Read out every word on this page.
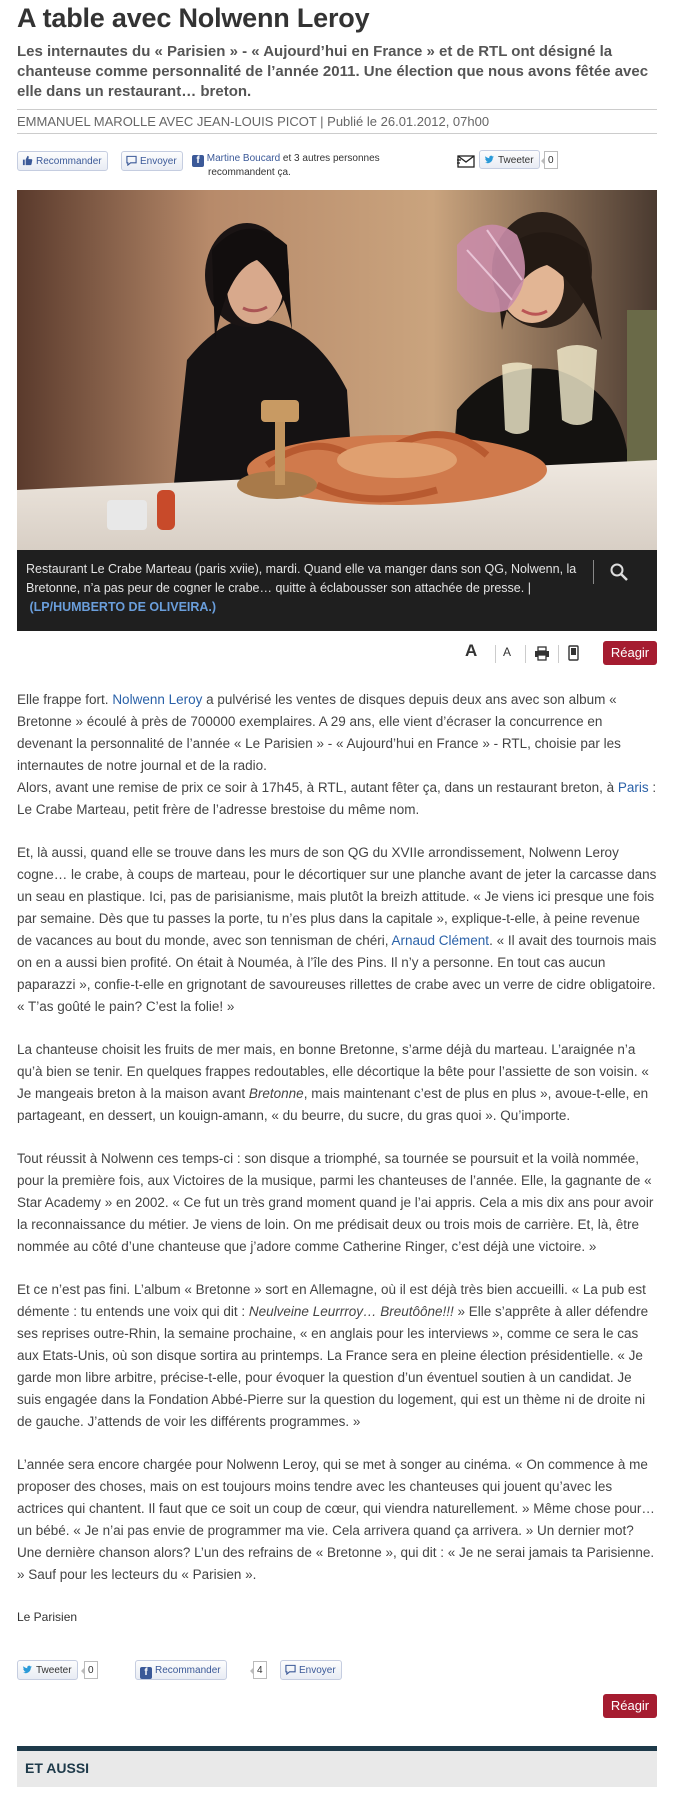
A table avec Nolwenn Leroy

Les internautes du « Parisien » - « Aujourd’hui en France » et de RTL ont désigné la chanteuse comme personnalité de l’année 2011. Une élection que nous avons fêtée avec elle dans un restaurant… breton.

EMMANUEL MAROLLE AVEC JEAN-LOUIS PICOT | Publié le 26.01.2012, 07h00
Recommander	Envoyer	f Martine Boucard et 3 autres personnes
recommandent ça.
Tweeter	0
Restaurant Le Crabe Marteau (paris xviie), mardi. Quand elle va manger dans son QG, Nolwenn, la Bretonne, n’a pas peur de cogner le crabe… quitte à éclabousser son attachée de presse. |
(LP/HUMBERTO DE OLIVEIRA.)
A A	Réagir

Elle frappe fort. Nolwenn Leroy a pulvérisé les ventes de disques depuis deux ans avec son album « Bretonne » écoulé à près de 700000 exemplaires. A 29 ans, elle vient d’écraser la concurrence en devenant la personnalité de l’année « Le Parisien » - « Aujourd’hui en France » - RTL, choisie par les internautes de notre journal et de la radio.
Alors, avant une remise de prix ce soir à 17h45, à RTL, autant fêter ça, dans un restaurant breton, à Paris : Le Crabe Marteau, petit frère de l’adresse brestoise du même nom.

Et, là aussi, quand elle se trouve dans les murs de son QG du XVIIe arrondissement, Nolwenn Leroy cogne… le crabe, à coups de marteau, pour le décortiquer sur une planche avant de jeter la carcasse dans un seau en plastique. Ici, pas de parisianisme, mais plutôt la breizh attitude. « Je viens ici presque une fois par semaine. Dès que tu passes la porte, tu n’es plus dans la capitale », explique-t-elle, à peine revenue de vacances au bout du monde, avec son tennisman de chéri, Arnaud Clément. « Il avait des tournois mais on en a aussi bien profité. On était à Nouméa, à l’île des Pins. Il n’y a personne. En tout cas aucun paparazzi », confie-t-elle en grignotant de savoureuses rillettes de crabe avec un verre de cidre obligatoire. « T’as goûté le pain? C’est la folie! »

La chanteuse choisit les fruits de mer mais, en bonne Bretonne, s’arme déjà du marteau. L’araignée n’a qu’à bien se tenir. En quelques frappes redoutables, elle décortique la bête pour l’assiette de son voisin. « Je mangeais breton à la maison avant Bretonne, mais maintenant c’est de plus en plus », avoue-t-elle, en partageant, en dessert, un kouign-amann, « du beurre, du sucre, du gras quoi ». Qu’importe.

Tout réussit à Nolwenn ces temps-ci : son disque a triomphé, sa tournée se poursuit et la voilà nommée, pour la première fois, aux Victoires de la musique, parmi les chanteuses de l’année. Elle, la gagnante de « Star Academy » en 2002. « Ce fut un très grand moment quand je l’ai appris. Cela a mis dix ans pour avoir la reconnaissance du métier. Je viens de loin. On me prédisait deux ou trois mois de carrière. Et, là, être nommée au côté d’une chanteuse que j’adore comme Catherine Ringer, c’est déjà une victoire. »

Et ce n’est pas fini. L’album « Bretonne » sort en Allemagne, où il est déjà très bien accueilli. « La pub est démente : tu entends une voix qui dit : Neulveine Leurrroy… Breutôône!!! » Elle s’apprête à aller défendre ses reprises outre-Rhin, la semaine prochaine, « en anglais pour les interviews », comme ce sera le cas aux Etats-Unis, où son disque sortira au printemps. La France sera en pleine élection présidentielle. « Je garde mon libre arbitre, précise-t-elle, pour évoquer la question d’un éventuel soutien à un candidat. Je suis engagée dans la Fondation Abbé-Pierre sur la question du logement, qui est un thème ni de droite ni de gauche. J’attends de voir les différents programmes. »

L’année sera encore chargée pour Nolwenn Leroy, qui se met à songer au cinéma. « On commence à me proposer des choses, mais on est toujours moins tendre avec les chanteuses qui jouent qu’avec les actrices qui chantent. Il faut que ce soit un coup de cœur, qui viendra naturellement. » Même chose pour… un bébé. « Je n’ai pas envie de programmer ma vie. Cela arrivera quand ça arrivera. » Un dernier mot? Une dernière chanson alors? L’un des refrains de « Bretonne », qui dit : « Je ne serai jamais ta Parisienne. » Sauf pour les lecteurs du « Parisien ».

Le Parisien
Tweeter	0	f Recommander	4	Envoyer
Réagir
ET AUSSI
